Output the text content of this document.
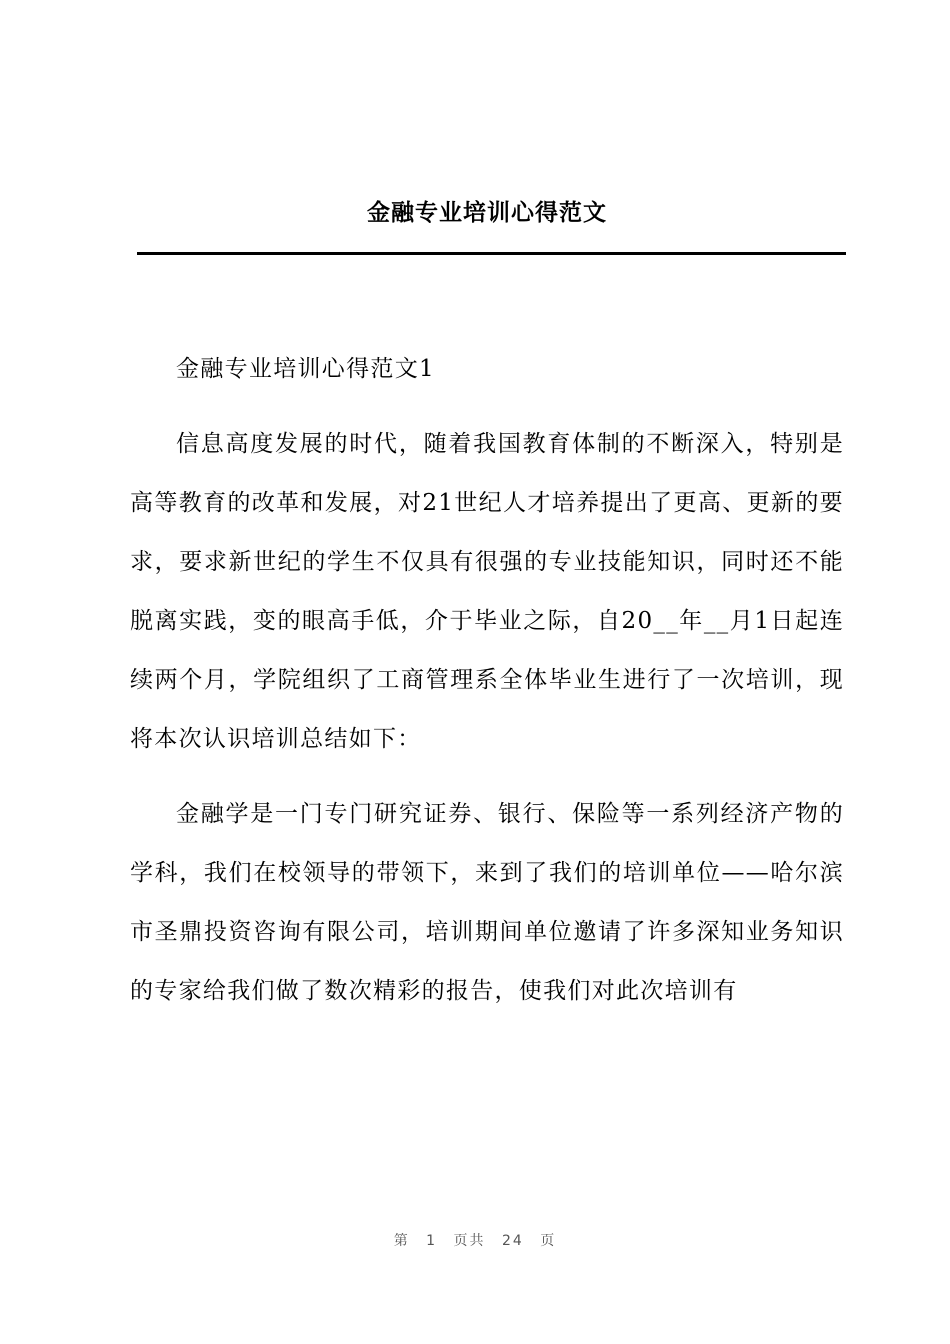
金融专业培训心得范文

金融专业培训心得范文1

信息高度发展的时代，随着我国教育体制的不断深入，特别是高等教育的改革和发展，对21世纪人才培养提出了更高、更新的要求，要求新世纪的学生不仅具有很强的专业技能知识，同时还不能脱离实践，变的眼高手低，介于毕业之际，自20__年__月1日起连续两个月，学院组织了工商管理系全体毕业生进行了一次培训，现将本次认识培训总结如下：

金融学是一门专门研究证券、银行、保险等一系列经济产物的学科，我们在校领导的带领下，来到了我们的培训单位——哈尔滨市圣鼎投资咨询有限公司，培训期间单位邀请了许多深知业务知识的专家给我们做了数次精彩的报告，使我们对此次培训有

第 1 页共 24 页
